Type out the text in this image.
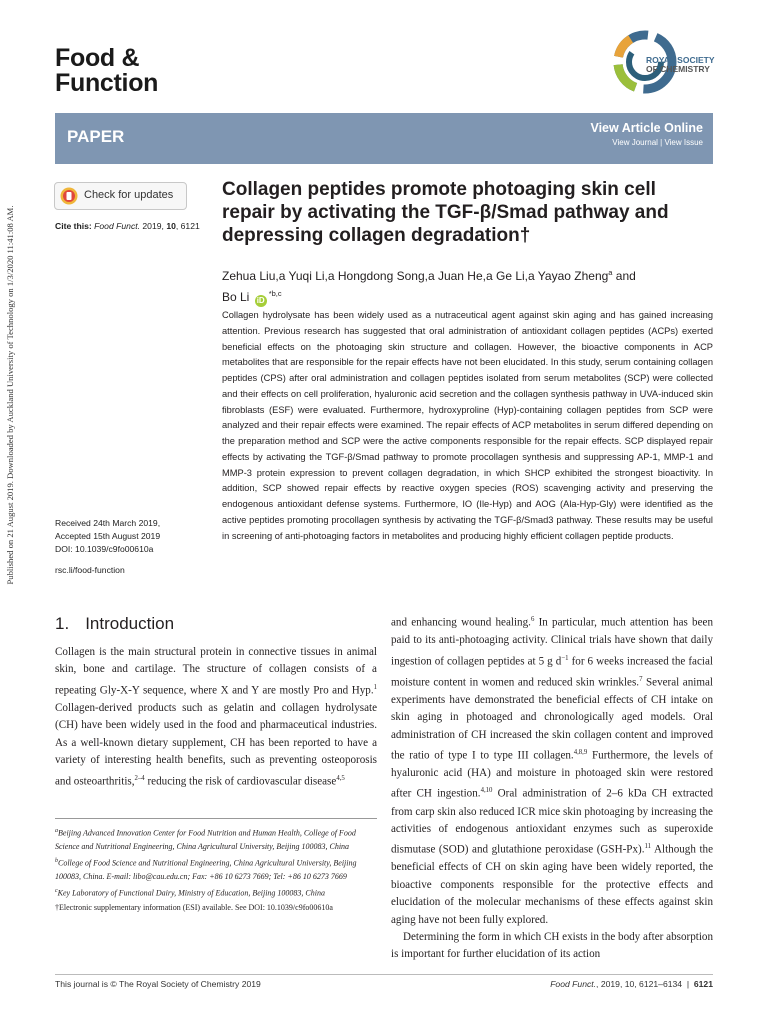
Published on 21 August 2019. Downloaded by Auckland University of Technology on 1/3/2020 11:41:08 AM.
Food &
Function
ROYAL SOCIETY
OF CHEMISTRY
PAPER	View Article Online
View Journal | View Issue
Check for updates
Cite this: Food Funct. 2019, 10, 6121
Collagen peptides promote photoaging skin cell repair by activating the TGF-β/Smad pathway and depressing collagen degradation†
Zehua Liu,a Yuqi Li,a Hongdong Song,a Juan He,a Ge Li,a Yayao Zheng$^a$ and
Bo Li iD$^{*b,c}$
Collagen hydrolysate has been widely used as a nutraceutical agent against skin aging and has gained increasing attention. Previous research has suggested that oral administration of antioxidant collagen peptides (ACPs) exerted beneficial effects on the photoaging skin structure and collagen. However, the bioactive components in ACP metabolites that are responsible for the repair effects have not been elucidated. In this study, serum containing collagen peptides (CPS) after oral administration and collagen peptides isolated from serum metabolites (SCP) were collected and their effects on cell proliferation, hyaluronic acid secretion and the collagen synthesis pathway in UVA-induced skin fibroblasts (ESF) were evaluated. Furthermore, hydroxyproline (Hyp)-containing collagen peptides from SCP were analyzed and their repair effects were examined. The repair effects of ACP metabolites in serum differed depending on the preparation method and SCP were the active components responsible for the repair effects. SCP displayed repair effects by activating the TGF-β/Smad pathway to promote procollagen synthesis and suppressing AP-1, MMP-1 and MMP-3 protein expression to prevent collagen degradation, in which SHCP exhibited the strongest bioactivity. In addition, SCP showed repair effects by reactive oxygen species (ROS) scavenging activity and preserving the endogenous antioxidant defense systems. Furthermore, IO (Ile-Hyp) and AOG (Ala-Hyp-Gly) were identified as the active peptides promoting procollagen synthesis by activating the TGF-β/Smad3 pathway. These results may be useful in screening of anti-photoaging factors in metabolites and producing highly efficient collagen peptide products.
Received 24th March 2019,
Accepted 15th August 2019
DOI: 10.1039/c9fo00610a
rsc.li/food-function
1. Introduction
Collagen is the main structural protein in connective tissues in animal skin, bone and cartilage. The structure of collagen consists of a repeating Gly-X-Y sequence, where X and Y are mostly Pro and Hyp.$^1$ Collagen-derived products such as gelatin and collagen hydrolysate (CH) have been widely used in the food and pharmaceutical industries. As a well-known dietary supplement, CH has been reported to have a variety of interesting health benefits, such as preventing osteoporosis and osteoarthritis,$^{2-4}$ reducing the risk of cardiovascular disease$^{4,5}$
and enhancing wound healing.$^6$ In particular, much attention has been paid to its anti-photoaging activity. Clinical trials have shown that daily ingestion of collagen peptides at 5 g $d^{-1}$ for 6 weeks increased the facial moisture content in women and reduced skin wrinkles.$^7$ Several animal experiments have demonstrated the beneficial effects of CH intake on skin aging in photoaged and chronologically aged models. Oral administration of CH increased the skin collagen content and improved the ratio of type I to type III collagen.$^{4,8,9}$ Furthermore, the levels of hyaluronic acid (HA) and moisture in photoaged skin were restored after CH ingestion.$^{4,10}$ Oral administration of 2–6 kDa CH extracted from carp skin also reduced ICR mice skin photoaging by increasing the activities of endogenous antioxidant enzymes such as superoxide dismutase (SOD) and glutathione peroxidase (GSH-Px).$^{11}$ Although the beneficial effects of CH on skin aging have been widely reported, the bioactive components responsible for the protective effects and elucidation of the molecular mechanisms of these effects against skin aging have not been fully explored.
Determining the form in which CH exists in the body after absorption is important for further elucidation of its action
$^a$Beijing Advanced Innovation Center for Food Nutrition and Human Health, College of Food Science and Nutritional Engineering, China Agricultural University, Beijing 100083, China
$^b$College of Food Science and Nutritional Engineering, China Agricultural University, Beijing 100083, China. E-mail: libo@cau.edu.cn; Fax: +86 10 6273 7669; Tel: +86 10 6273 7669
$^c$Key Laboratory of Functional Dairy, Ministry of Education, Beijing 100083, China
†Electronic supplementary information (ESI) available. See DOI: 10.1039/c9fo00610a
This journal is © The Royal Society of Chemistry 2019	Food Funct., 2019, 10, 6121–6134  |  6121
